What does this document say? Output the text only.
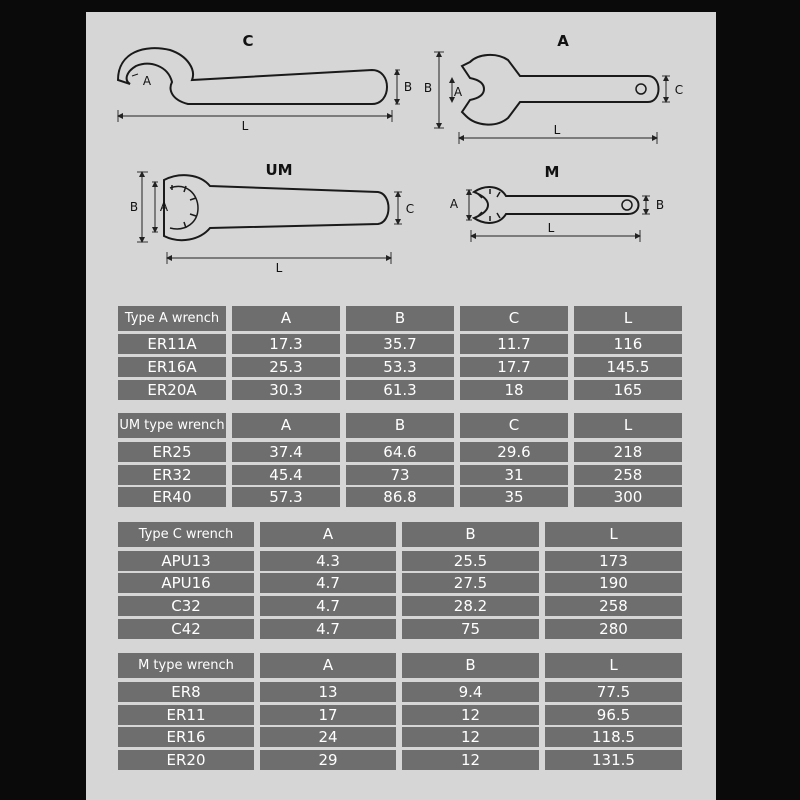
C
A	B
L
A
B A	C
L
UM
B A	C
L
M
A	B
L
Type A wrench	A	B	C	L
ER11A	17.3	35.7	11.7	116
ER16A	25.3	53.3	17.7	145.5
ER20A	30.3	61.3	18	165
UM type wrench	A	B	C	L
ER25	37.4	64.6	29.6	218
ER32	45.4	73	31	258
ER40	57.3	86.8	35	300
Type C wrench	A	B	L
APU13	4.3	25.5	173
APU16	4.7	27.5	190
C32	4.7	28.2	258
C42	4.7	75	280
M type wrench	A	B	L
ER8	13	9.4	77.5
ER11	17	12	96.5
ER16	24	12	118.5
ER20	29	12	131.5
